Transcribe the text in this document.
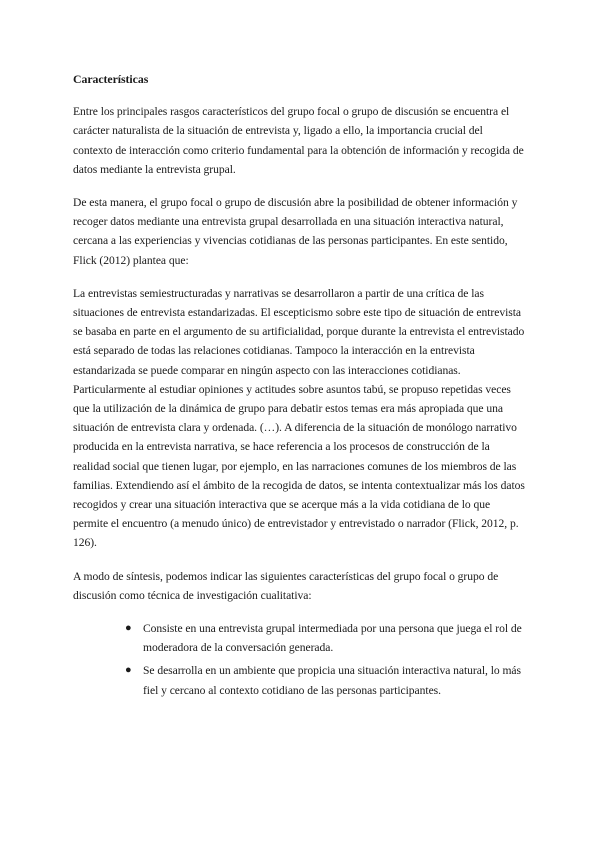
Características

Entre los principales rasgos característicos del grupo focal o grupo de discusión se encuentra el carácter naturalista de la situación de entrevista y, ligado a ello, la importancia crucial del contexto de interacción como criterio fundamental para la obtención de información y recogida de datos mediante la entrevista grupal.

De esta manera, el grupo focal o grupo de discusión abre la posibilidad de obtener información y recoger datos mediante una entrevista grupal desarrollada en una situación interactiva natural, cercana a las experiencias y vivencias cotidianas de las personas participantes. En este sentido, Flick (2012) plantea que:

La entrevistas semiestructuradas y narrativas se desarrollaron a partir de una crítica de las situaciones de entrevista estandarizadas. El escepticismo sobre este tipo de situación de entrevista se basaba en parte en el argumento de su artificialidad, porque durante la entrevista el entrevistado está separado de todas las relaciones cotidianas. Tampoco la interacción en la entrevista estandarizada se puede comparar en ningún aspecto con las interacciones cotidianas. Particularmente al estudiar opiniones y actitudes sobre asuntos tabú, se propuso repetidas veces que la utilización de la dinámica de grupo para debatir estos temas era más apropiada que una situación de entrevista clara y ordenada. (…). A diferencia de la situación de monólogo narrativo producida en la entrevista narrativa, se hace referencia a los procesos de construcción de la realidad social que tienen lugar, por ejemplo, en las narraciones comunes de los miembros de las familias. Extendiendo así el ámbito de la recogida de datos, se intenta contextualizar más los datos recogidos y crear una situación interactiva que se acerque más a la vida cotidiana de lo que permite el encuentro (a menudo único) de entrevistador y entrevistado o narrador (Flick, 2012, p. 126).

A modo de síntesis, podemos indicar las siguientes características del grupo focal o grupo de discusión como técnica de investigación cualitativa:

● Consiste en una entrevista grupal intermediada por una persona que juega el rol de moderadora de la conversación generada.
● Se desarrolla en un ambiente que propicia una situación interactiva natural, lo más fiel y cercano al contexto cotidiano de las personas participantes.
